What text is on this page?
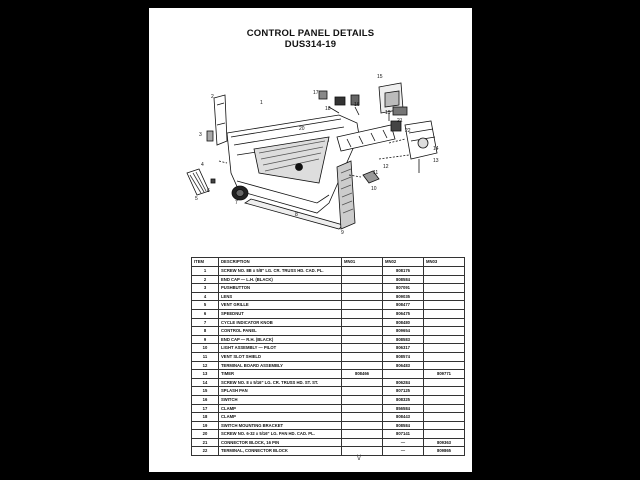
CONTROL PANEL DETAILS
DUS314-19
1
2
3
4
5
6
7
8
9
10
11
12
13
14
15
16
17
18
19
20
21
22
ITEM	DESCRIPTION	MN01	MN02	MN03
1	SCREW NO. 8B x 5/8" LG. CR. TRUSS HD. CAD. PL.		808176	
2	END CAP — L.H. (BLACK)		808584	
3	PUSHBUTTON		807091	
4	LENS		809035	
5	VENT GRILLE		808477	
6	SPEEDNUT		806475	
7	CYCLE INDICATOR KNOB		808480	
8	CONTROL PANEL		809654	
9	END CAP — R.H. (BLACK)		808583	
10	LIGHT ASSEMBLY — PILOT		806317	
11	VENT SLOT SHIELD		808574	
12	TERMINAL BOARD ASSEMBLY		806483	
13	TIMER	808466		809771
14	SCREW NO. 8 x 5/16" LG. CR. TRUSS HD. ST. ST.		806284	
15	SPLASH PAN		807125	
16	SWITCH		808325	
17	CLAMP		856584	
18	CLAMP		808443	
19	SWITCH MOUNTING BRACKET		808584	
20	SCREW NO. 6-32 x 5/16" LG. PAN HD. CAD. PL.		807141	
21	CONNECTOR BLOCK, 16 PIN		—	809363
22	TERMINAL, CONNECTOR BLOCK		—	809865
\/
